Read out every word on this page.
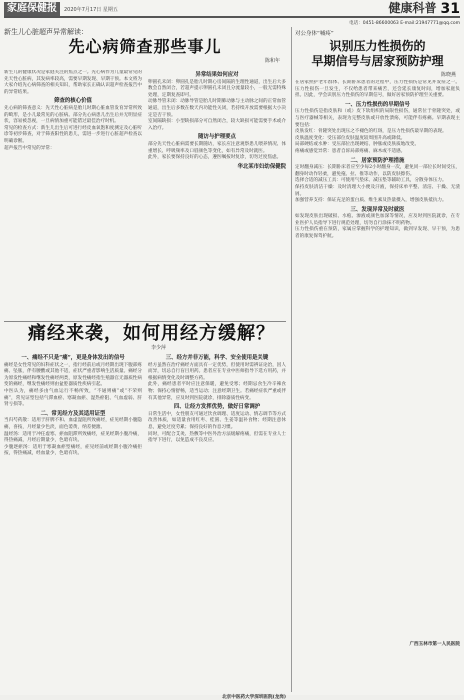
家庭保健报	2020年7月17日 星期五	健康科普 31
电话：0451-86600063 E-mail:21947771@qq.com
新生儿心脏超声异常解读：
先心病筛查那些事儿
陈和年

新生儿的健康状况是家庭关注的焦点之一。先心病作为儿童最常见的先天性心脏病，其发病率较高，需要早期发现、早期干预。本文将为大家介绍先心病筛查的相关知识，帮助家长正确认识超声检查报告中的异常结果。

筛查的核心价值

先心病的筛查意义：先天性心脏病是胎儿时期心脏血管发育异常所致的畸形，是小儿最常见的心脏病。部分先心病患儿出生后并无明显症状，容易被忽视，一旦病情加重可能错过最佳治疗时机。

常见的检查方式：新生儿出生后可进行经皮血氧饱和度测定及心脏听诊等初步筛查，对于筛查阳性的患儿，需进一步进行心脏超声检查以明确诊断。

超声报告中常见的异常：

异常结果如何应对

卵圆孔未闭：卵圆孔是胎儿时期心房间隔的生理性通道，出生后大多数会自然闭合，若超声提示卵圆孔未闭且分流量较小，一般无需特殊处理，定期复查即可。

动脉导管未闭：动脉导管是胎儿时期肺动脉与主动脉之间的正常血管通道，出生后多数在数天内功能性关闭，若持续开放需要根据大小决定是否干预。

室间隔缺损：小型缺损部分可自然闭合，较大缺损可能需要手术或介入治疗。

随访与护理要点

部分先天性心脏病需要长期随访，家长应注意观察患儿喂养情况、体重增长、呼吸频率及口唇颜色等变化，如有异常及时就医。

此外，家长要保持良好的心态，遵医嘱按时复诊，切勿过度焦虑。

华北某市妇幼保健院
痛经来袭，如何用经方缓解？
李少萍
一、痛经不只是“痛”，更是身体发出的信号

痛经是女性常见的妇科症状之一，指行经前后或月经期出现下腹部疼痛、坠胀，伴有腰酸或其他不适，症状严重者影响生活质量。痛经分为原发性痛经和继发性痛经两类，原发性痛经指生殖器官无器质性病变的痛经，继发性痛经则由盆腔器质性疾病引起。

中医认为，痛经多由气血运行不畅所致，“不通则痛”或“不荣则痛”，常见证型包括气滞血瘀、寒凝血瘀、湿热瘀阻、气血虚弱、肝肾亏损等。

二、常见经方及其适用证型

当归芍药散：适用于肝脾不和、血虚湿阻所致痛经，症见经期小腹隐痛，喜按，月经量少色淡，面色萎黄，纳差便溏。

温经汤：适用于冲任虚寒、瘀血阻滞所致痛经，症见经期小腹冷痛，得热痛减，月经后期量少，色暗有块。

少腹逐瘀汤：适用于寒凝血瘀型痛经，症见经前或经期小腹冷痛拒按，得热痛减，经血量少，色暗有块。

三、经方并非万能，科学、安全使用是关键

经方虽然在治疗痛经方面具有一定优势，但使用时需辨证论治，因人而异，切忌自行盲目用药。患者应在专业中医师指导下选方用药，并根据病情变化及时调整方药。

此外，痛经患者平时应注意保暖，避免受寒；经期忌食生冷辛辣食物；保持心情舒畅，适当运动；注意经期卫生。若痛经症状严重或伴有其他异常，应及时到医院就诊，排除器质性病变。

四、让经方发挥优势，做好日常调护

日常生活中，女性朋友可通过饮食调理、适度运动、情志调节等方式改善体质，如适量食用红枣、桂圆、生姜等温补食物；经期注意休息，避免过度劳累；保持良好的作息习惯。

同时，可配合艾灸、热敷等中医外治方法缓解疼痛，但需在专业人士指导下进行，以免造成不良反应。

北京中医药大学深圳医院(龙岗)
对公身体“喊疼”
识别压力性损伤的
早期信号与居家预防护理
陈晓燕

在居家照护老年群体、长期卧床患者的过程中，压力性损伤是常见并发症之一。压力性损伤一旦发生，不仅给患者带来痛苦，还会延长康复时间，增加家庭负担。因此，学会识别压力性损伤的早期信号，做好居家预防护理至关重要。

一、压力性损伤的早期信号

压力性损伤是指皮肤和（或）皮下软组织的局限性损伤，通常位于骨隆突处，或与医疗器械等相关，表现为完整皮肤或开放性溃疡，可能伴有疼痛。早期表现主要包括：

皮肤发红：骨隆突处出现压之不褪色的红斑，是压力性损伤最早期的表现。

皮肤温度变化：受压部位皮肤温度较周围升高或降低。

局部硬结或水肿：受压部位出现硬结、肿胀或皮肤质地改变。

疼痛或感觉异常：患者自诉局部疼痛、麻木或不适感。

二、居家预防护理措施

定时翻身减压：长期卧床者应至少每2小时翻身一次，避免同一部位长时间受压，翻身时动作轻柔，避免拖、拉、推等动作，以防皮肤擦伤。

选择合适的减压工具：可使用气垫床、减压垫等辅助工具，分散身体压力。

保持皮肤清洁干燥：及时清理大小便及汗液，保持床单平整、清洁、干燥、无渣屑。

加强营养支持：保证充足的蛋白质、维生素及热量摄入，增强皮肤抵抗力。

三、发现异常及时就医

如发现皮肤出现破损、水疱、渗液或颜色加深等情况，应及时到医院就诊，在专业医护人员指导下进行规范处理，切勿自行涂抹不明药物。

压力性损伤重在预防，家属应掌握科学的护理知识，做到早发现、早干预，为患者的康复保驾护航。

广西玉林市第一人民医院
